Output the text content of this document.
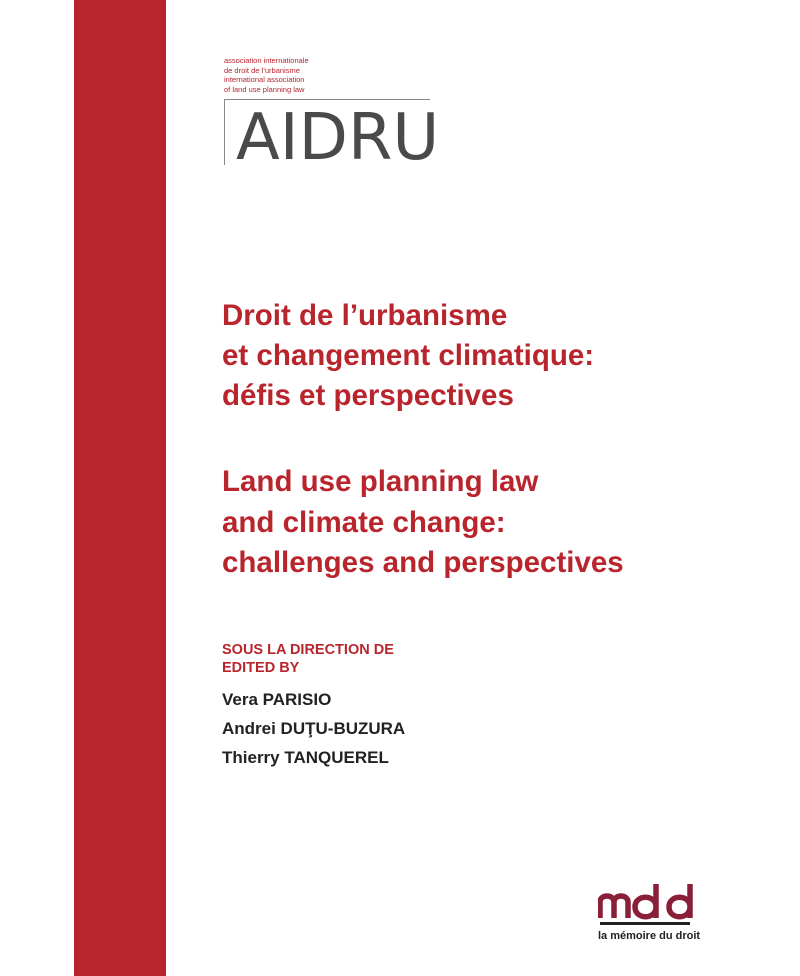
association internationale
de droit de l’urbanisme
international association
of land use planning law
AIDRU
Droit de l’urbanisme
et changement climatique:
défis et perspectives
Land use planning law
and climate change:
challenges and perspectives
SOUS LA DIRECTION DE
EDITED BY
Vera PARISIO
Andrei DUŢU-BUZURA
Thierry TANQUEREL
la mémoire du droit
